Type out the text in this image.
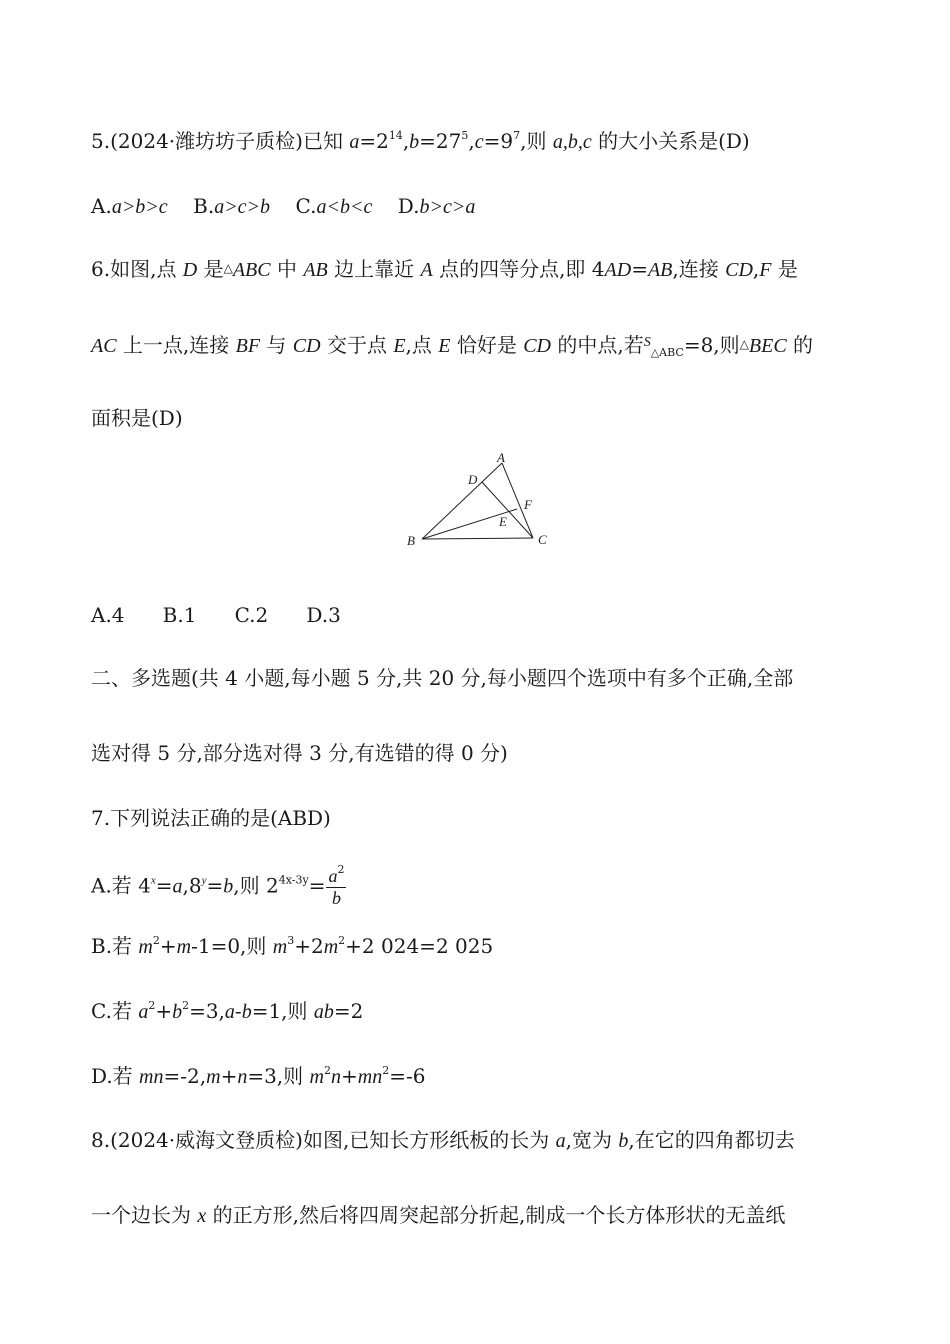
5.(2024·潍坊坊子质检)已知 $a=2^{14},b=27^5,c=9^7$,则 a,b,c 的大小关系是(D)
A.a>b>c B.a>c>b C.a<b<c D.b>c>a
6.如图,点 D 是△ABC 中 AB 边上靠近 A 点的四等分点,即 4AD=AB,连接 CD,F 是
AC 上一点,连接 BF 与 CD 交于点 E,点 E 恰好是 CD 的中点,若$^S_{\triangle ABC}$=8,则△BEC 的
面积是(D)
A
B	C
D
E
F
A.4      B.1      C.2      D.3
二、多选题(共 4 小题,每小题 5 分,共 20 分,每小题四个选项中有多个正确,全部
选对得 5 分,部分选对得 3 分,有选错的得 0 分)
7.下列说法正确的是(ABD)
A.若 $4^x=a,8^y=b$,则 $2^{4x-3y}= \frac{a^2}{b}$
B.若 $m^2+m-1=0$,则 $m^3+2m^2+2$ 024=2 025
C.若 $a^2+b^2=3,a-b=1$,则 ab=2
D.若 mn=-2,m+n=3,则 $m^2n+mn^2=-6$
8.(2024·威海文登质检)如图,已知长方形纸板的长为 a,宽为 b,在它的四角都切去
一个边长为 x 的正方形,然后将四周突起部分折起,制成一个长方体形状的无盖纸
